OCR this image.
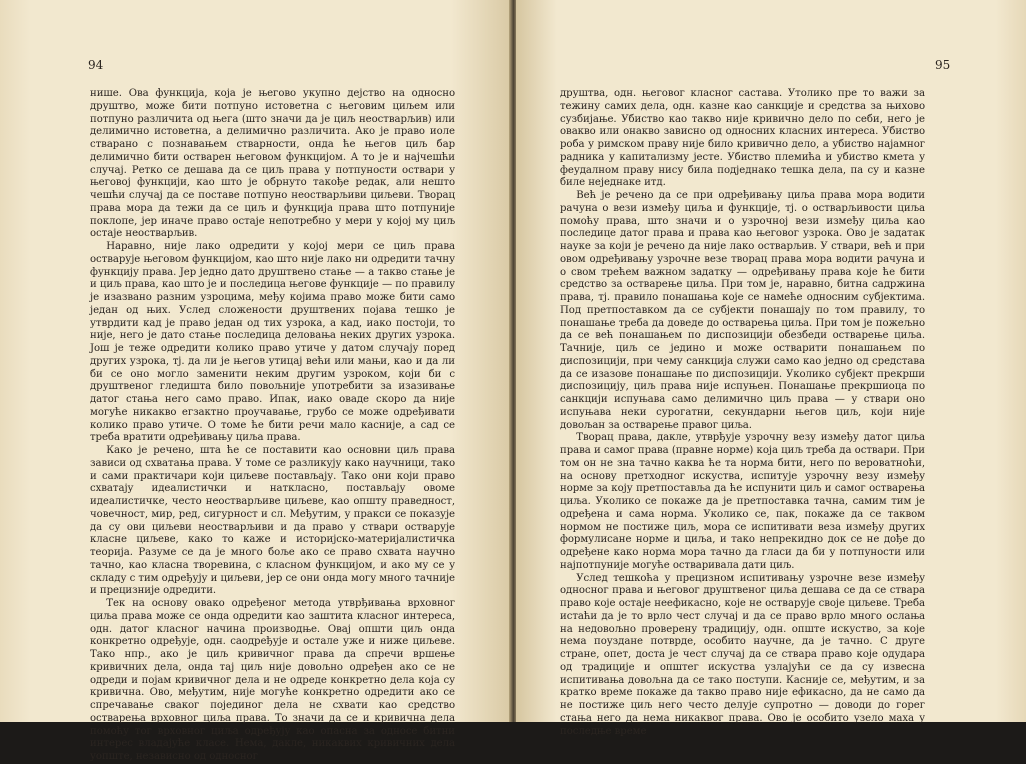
94

нише. Ова функција, која је његово укупно дејство на односно друштво, може бити потпуно истоветна с његовим циљем или потпуно различита од њега (што значи да је циљ неостварљив) или делимично истоветна, а делимично различита. Ако је право иоле стварано с познавањем стварности, онда ће његов циљ бар делимично бити остварен његовом функцијом. А то је и најчешћи случај. Ретко се дешава да се циљ права у потпуности оствари у његовој функцији, као што је обрнуто такође редак, али нешто чешћи случај да се поставе потпуно неостварљиви циљеви. Творац права мора да тежи да се циљ и функција права што потпуније поклопе, јер иначе право остаје непотребно у мери у којој му циљ остаје неостварљив.

Наравно, није лако одредити у којој мери се циљ права остварује његовом функцијом, као што није лако ни одредити тачну функцију права. Јер једно дато друштвено стање — а такво стање је и циљ права, као што је и последица његове функције — по правилу је изазвано разним узроцима, међу којима право може бити само један од њих. Услед сложености друштвених појава тешко је утврдити кад је право један од тих узрока, а кад, иако постоји, то није, него је дато стање последица деловања неких других узрока. Још је теже одредити колико право утиче у датом случају поред других узрока, тј. да ли је његов утицај већи или мањи, као и да ли би се оно могло заменити неким другим узроком, који би с друштвеног гледишта било повољније употребити за изазивање датог стања него само право. Ипак, иако оваде скоро да није могуће никакво егзактно проучавање, грубо се може одређивати колико право утиче. О томе ће бити речи мало касније, а сад се треба вратити одређивању циља права.

Како је речено, шта ће се поставити као основни циљ права зависи од схватања права. У томе се разликују како научници, тако и сами практичари који циљеве постављају. Тако они који право схватају идеалистички и наткласно, постављају овоме идеалистичке, често неостварљиве циљеве, као општу праведност, човечност, мир, ред, сигурност и сл. Међутим, у пракси се показује да су ови циљеви неостварљиви и да право у ствари остварује класне циљеве, како то каже и историјско-материјалистичка теорија. Разуме се да је много боље ако се право схвата научно тачно, као класна творевина, с класном функцијом, и ако му се у складу с тим одређују и циљеви, јер се они онда могу много тачније и прецизније одредити.

Тек на основу овако одређеног метода утврђивања врховног циља права може се онда одредити као заштита класног интереса, одн. датог класног начина производње. Овај општи циљ онда конкретно одређује, одн. саодређује и остале уже и ниже циљеве. Тако нпр., ако је циљ кривичног права да спречи вршење кривичних дела, онда тај циљ није довољно одређен ако се не одреди и појам кривичног дела и не одреде конкретно дела која су кривична. Ово, међутим, није могуће конкретно одредити ако се спречавање сваког појединог дела не схвати као средство остварења врховног циља права. То значи да се и кривична дела помоћу тог врховног циља одређују као опасна за односе битни интерес владајуће класе. Нема, дакле, никаквих кривичних дела уопште, независно од односног

95

друштва, одн. његовог класног састава. Утолико пре то важи за тежину самих дела, одн. казне као санкције и средства за њихово сузбијање. Убиство као такво није кривично дело по себи, него је овакво или онакво зависно од односних класних интереса. Убиство роба у римском праву није било кривично дело, а убиство најамног радника у капитализму јесте. Убиство племића и убиство кмета у феудалном праву нису била подједнако тешка дела, па су и казне биле неједнаке итд.

Већ је речено да се при одређивању циља права мора водити рачуна о вези између циља и функције, тј. о остварљивости циља помоћу права, што значи и о узрочној вези између циља као последице датог права и права као његовог узрока. Ово је задатак науке за који је речено да није лако остварљив. У ствари, већ и при овом одређивању узрочне везе творац права мора водити рачуна и о свом трећем важном задатку — одређивању права које ће бити средство за остварење циља. При том је, наравно, битна садржина права, тј. правило понашања које се намеће односним субјектима. Под претпоставком да се субјекти понашају по том правилу, то понашање треба да доведе до остварења циља. При том је пожељно да се већ понашањем по диспозицији обезбеди остварење циља. Тачније, циљ се једино и може остварити понашањем по диспозицији, при чему санкција служи само као једно од средстава да се изазове понашање по диспозицији. Уколико субјект прекрши диспозицију, циљ права није испуњен. Понашање прекршиоца по санкцији испуњава само делимично циљ права — у ствари оно испуњава неки сурогатни, секундарни његов циљ, који није довољан за остварење правог циља.

Творац права, дакле, утврђује узрочну везу између датог циља права и самог права (правне норме) која циљ треба да оствари. При том он не зна тачно каква ће та норма бити, него по вероватноћи, на основу претходног искуства, испитује узрочну везу између норме за коју претпоставља да ће испунити циљ и самог остварења циља. Уколико се покаже да је претпоставка тачна, самим тим је одређена и сама норма. Уколико се, пак, покаже да се таквом нормом не постиже циљ, мора се испитивати веза између других формулисане норме и циља, и тако непрекидно док се не дође до одређене како норма мора тачно да гласи да би у потпуности или најпотпуније могуће остваривала дати циљ.

Услед тешкоћа у прецизном испитивању узрочне везе између односног права и његовог друштвеног циља дешава се да се ствара право које остаје неефикасно, које не остварује своје циљеве. Треба истаћи да је то врло чест случај и да се право врло много ослања на недовољно проверену традицију, одн. опште искуство, за које нема поуздане потврде, особито научне, да је тачно. С друге стране, опет, доста је чест случај да се ствара право које одудара од традиције и општег искуства узлајући се да су извесна испитивања довољна да се тако поступи. Касније се, међутим, и за кратко време покаже да такво право није ефикасно, да не само да не постиже циљ него често делује супротно — доводи до горег стања него да нема никаквог права. Ово је особито узело маха у последње време
